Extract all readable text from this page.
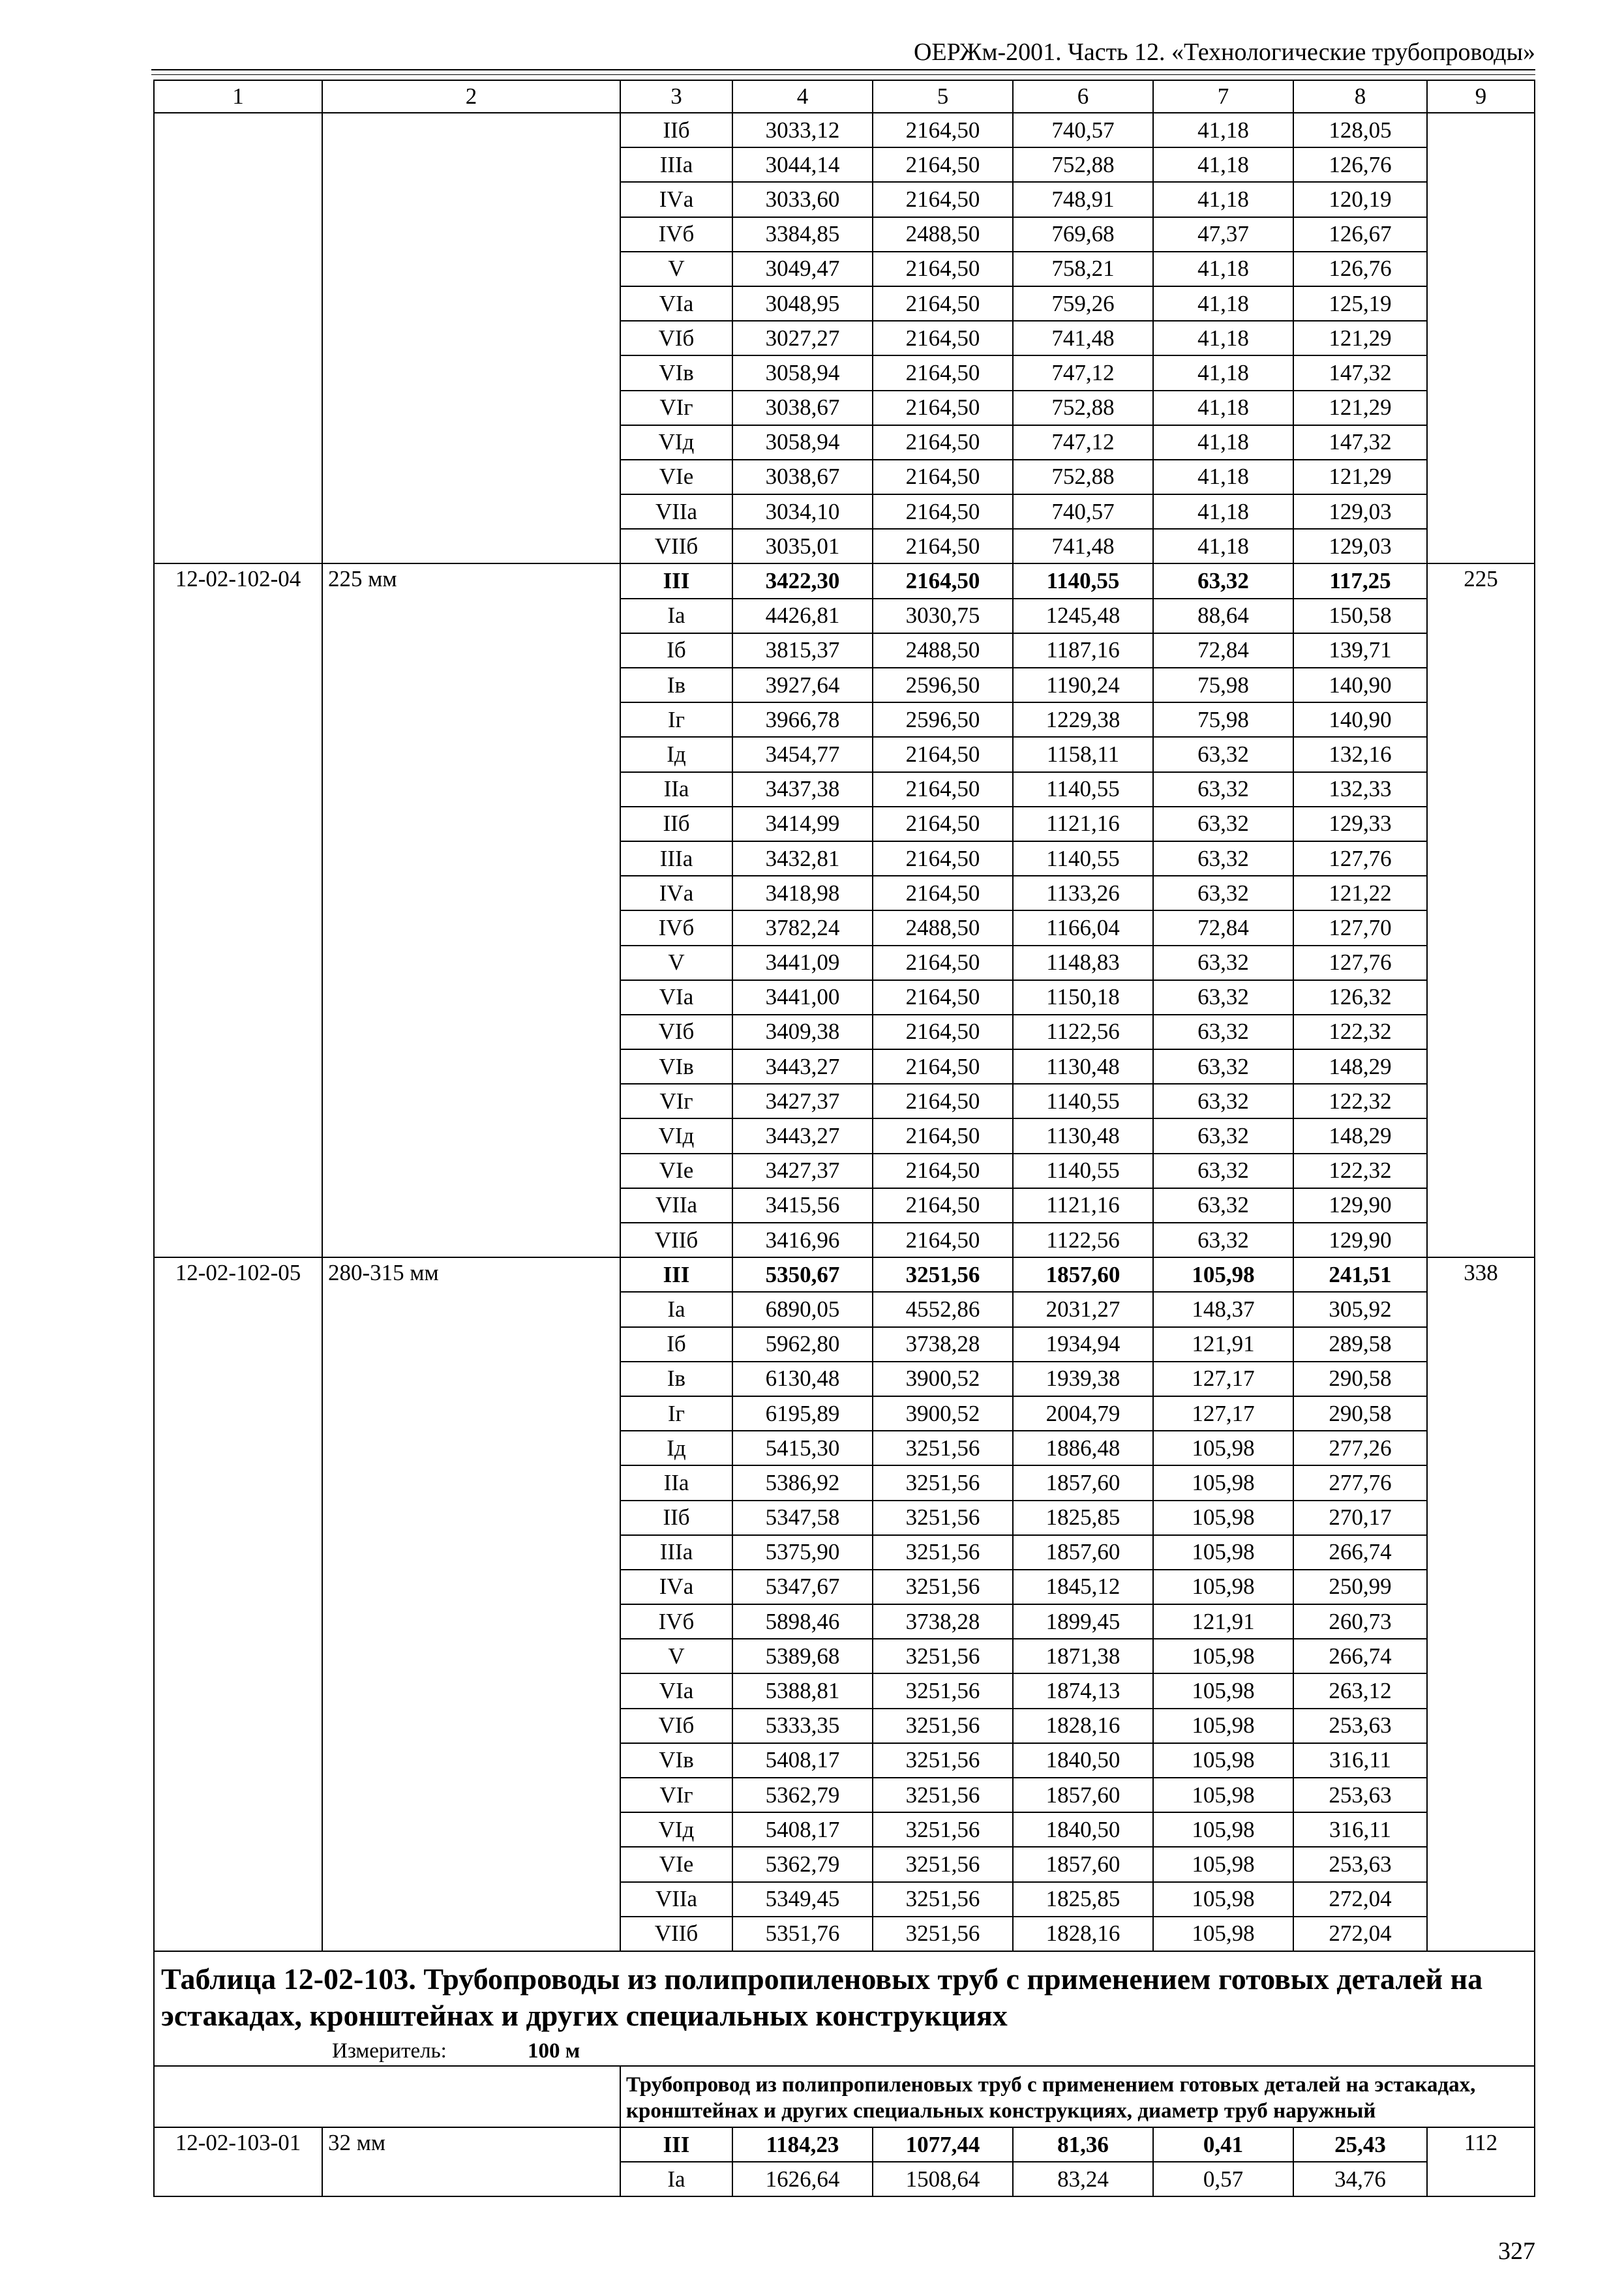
ОЕРЖм-2001. Часть 12. «Технологические трубопроводы»
1	2	3	4	5	6	7	8	9
		IIб	3033,12	2164,50	740,57	41,18	128,05	
		IIIа	3044,14	2164,50	752,88	41,18	126,76	
		IVа	3033,60	2164,50	748,91	41,18	120,19	
		IVб	3384,85	2488,50	769,68	47,37	126,67	
		V	3049,47	2164,50	758,21	41,18	126,76	
		VIа	3048,95	2164,50	759,26	41,18	125,19	
		VIб	3027,27	2164,50	741,48	41,18	121,29	
		VIв	3058,94	2164,50	747,12	41,18	147,32	
		VIг	3038,67	2164,50	752,88	41,18	121,29	
		VIд	3058,94	2164,50	747,12	41,18	147,32	
		VIе	3038,67	2164,50	752,88	41,18	121,29	
		VIIа	3034,10	2164,50	740,57	41,18	129,03	
		VIIб	3035,01	2164,50	741,48	41,18	129,03	
12-02-102-04	225 мм	III	3422,30	2164,50	1140,55	63,32	117,25	225
		Iа	4426,81	3030,75	1245,48	88,64	150,58	
		Iб	3815,37	2488,50	1187,16	72,84	139,71	
		Iв	3927,64	2596,50	1190,24	75,98	140,90	
		Iг	3966,78	2596,50	1229,38	75,98	140,90	
		Iд	3454,77	2164,50	1158,11	63,32	132,16	
		IIа	3437,38	2164,50	1140,55	63,32	132,33	
		IIб	3414,99	2164,50	1121,16	63,32	129,33	
		IIIа	3432,81	2164,50	1140,55	63,32	127,76	
		IVа	3418,98	2164,50	1133,26	63,32	121,22	
		IVб	3782,24	2488,50	1166,04	72,84	127,70	
		V	3441,09	2164,50	1148,83	63,32	127,76	
		VIа	3441,00	2164,50	1150,18	63,32	126,32	
		VIб	3409,38	2164,50	1122,56	63,32	122,32	
		VIв	3443,27	2164,50	1130,48	63,32	148,29	
		VIг	3427,37	2164,50	1140,55	63,32	122,32	
		VIд	3443,27	2164,50	1130,48	63,32	148,29	
		VIе	3427,37	2164,50	1140,55	63,32	122,32	
		VIIа	3415,56	2164,50	1121,16	63,32	129,90	
		VIIб	3416,96	2164,50	1122,56	63,32	129,90	
12-02-102-05	280-315 мм	III	5350,67	3251,56	1857,60	105,98	241,51	338
		Iа	6890,05	4552,86	2031,27	148,37	305,92	
		Iб	5962,80	3738,28	1934,94	121,91	289,58	
		Iв	6130,48	3900,52	1939,38	127,17	290,58	
		Iг	6195,89	3900,52	2004,79	127,17	290,58	
		Iд	5415,30	3251,56	1886,48	105,98	277,26	
		IIа	5386,92	3251,56	1857,60	105,98	277,76	
		IIб	5347,58	3251,56	1825,85	105,98	270,17	
		IIIа	5375,90	3251,56	1857,60	105,98	266,74	
		IVа	5347,67	3251,56	1845,12	105,98	250,99	
		IVб	5898,46	3738,28	1899,45	121,91	260,73	
		V	5389,68	3251,56	1871,38	105,98	266,74	
		VIа	5388,81	3251,56	1874,13	105,98	263,12	
		VIб	5333,35	3251,56	1828,16	105,98	253,63	
		VIв	5408,17	3251,56	1840,50	105,98	316,11	
		VIг	5362,79	3251,56	1857,60	105,98	253,63	
		VIд	5408,17	3251,56	1840,50	105,98	316,11	
		VIе	5362,79	3251,56	1857,60	105,98	253,63	
		VIIа	5349,45	3251,56	1825,85	105,98	272,04	
		VIIб	5351,76	3251,56	1828,16	105,98	272,04	
Таблица 12-02-103. Трубопроводы из полипропиленовых труб с применением готовых деталей на эстакадах, кронштейнах и других специальных конструкциях								
Измеритель: 100 м								
		Трубопровод из полипропиленовых труб с применением готовых деталей на эстакадах, кронштейнах и других специальных конструкциях, диаметр труб наружный						
12-02-103-01	32 мм	III	1184,23	1077,44	81,36	0,41	25,43	112
		Iа	1626,64	1508,64	83,24	0,57	34,76	
327
